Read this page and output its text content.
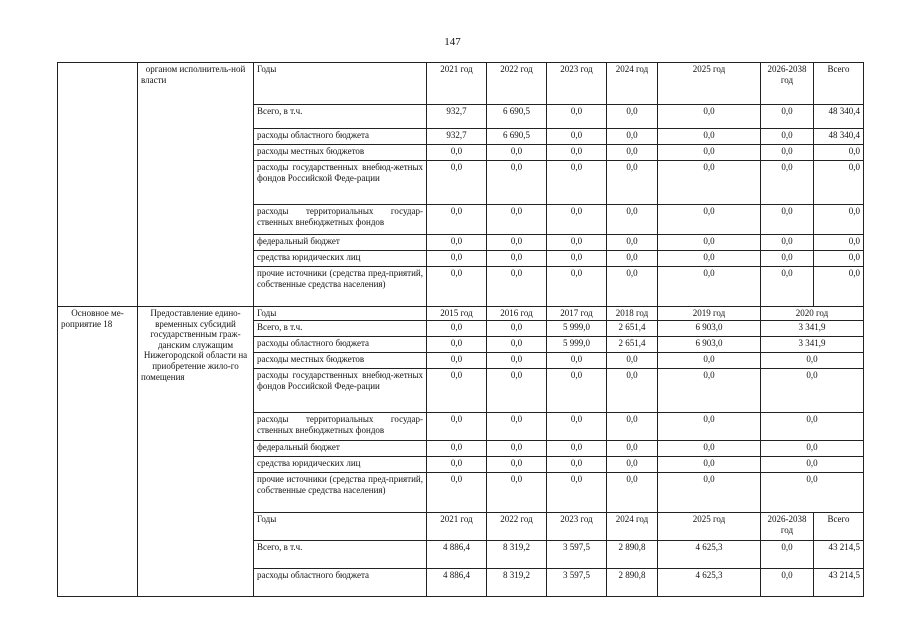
147
	органом исполнитель-ной власти	Годы	2021 год	2022 год	2023 год	2024 год	2025 год	2026-2038 год	Всего
		Всего, в т.ч.	932,7	6 690,5	0,0	0,0	0,0	0,0	48 340,4
		расходы областного бюджета	932,7	6 690,5	0,0	0,0	0,0	0,0	48 340,4
		расходы местных бюджетов	0,0	0,0	0,0	0,0	0,0	0,0	0,0
		расходы государственных внебюд-жетных фондов Российской Феде-рации	0,0	0,0	0,0	0,0	0,0	0,0	0,0
		расходы территориальных государ-ственных внебюджетных фондов	0,0	0,0	0,0	0,0	0,0	0,0	0,0
		федеральный бюджет	0,0	0,0	0,0	0,0	0,0	0,0	0,0
		средства юридических лиц	0,0	0,0	0,0	0,0	0,0	0,0	0,0
		прочие источники (средства пред-приятий, собственные средства населения)	0,0	0,0	0,0	0,0	0,0	0,0	0,0
Основное ме-роприятие 18	Предоставление едино-временных субсидий государственным граж-данским служащим Нижегородской области на приобретение жило-го помещения	Годы	2015 год	2016 год	2017 год	2018 год	2019 год	2020 год	
		Всего, в т.ч.	0,0	0,0	5 999,0	2 651,4	6 903,0	3 341,9	
		расходы областного бюджета	0,0	0,0	5 999,0	2 651,4	6 903,0	3 341,9	
		расходы местных бюджетов	0,0	0,0	0,0	0,0	0,0	0,0	
		расходы государственных внебюд-жетных фондов Российской Феде-рации	0,0	0,0	0,0	0,0	0,0	0,0	
		расходы территориальных государ-ственных внебюджетных фондов	0,0	0,0	0,0	0,0	0,0	0,0	
		федеральный бюджет	0,0	0,0	0,0	0,0	0,0	0,0	
		средства юридических лиц	0,0	0,0	0,0	0,0	0,0	0,0	
		прочие источники (средства пред-приятий, собственные средства населения)	0,0	0,0	0,0	0,0	0,0	0,0	
		Годы	2021 год	2022 год	2023 год	2024 год	2025 год	2026-2038 год	Всего
		Всего, в т.ч.	4 886,4	8 319,2	3 597,5	2 890,8	4 625,3	0,0	43 214,5
		расходы областного бюджета	4 886,4	8 319,2	3 597,5	2 890,8	4 625,3	0,0	43 214,5
